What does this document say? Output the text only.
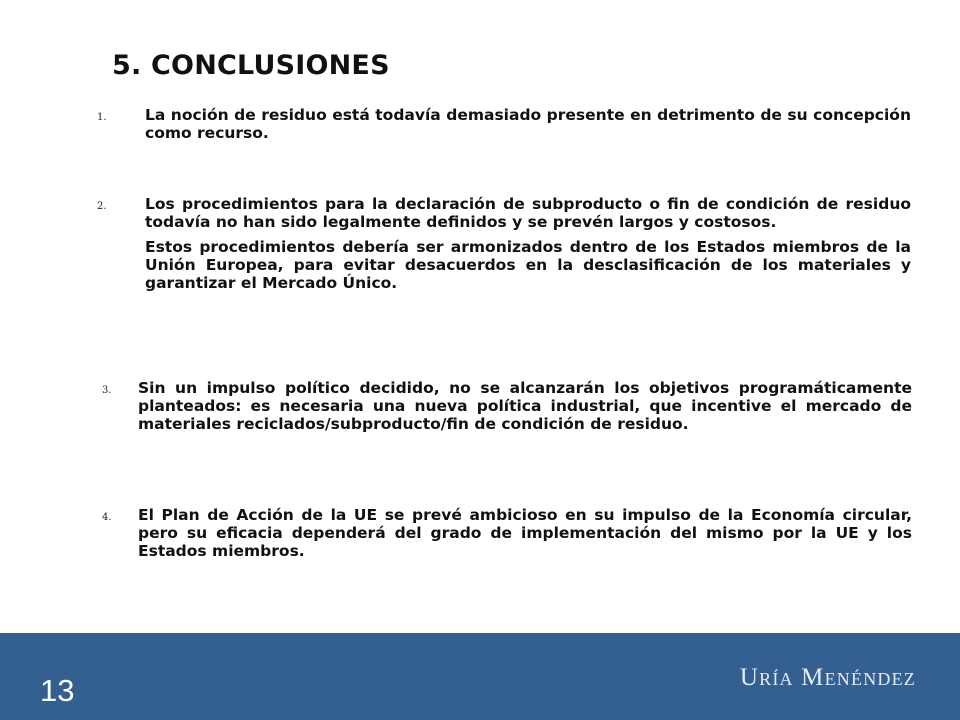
5. CONCLUSIONES
1. La noción de residuo está todavía demasiado presente en detrimento de su concepción como recurso.

2. Los procedimientos para la declaración de subproducto o fin de condición de residuo todavía no han sido legalmente definidos y se prevén largos y costosos.

Estos procedimientos debería ser armonizados dentro de los Estados miembros de la Unión Europea, para evitar desacuerdos en la desclasificación de los materiales y garantizar el Mercado Único.

3. Sin un impulso político decidido, no se alcanzarán los objetivos programáticamente planteados: es necesaria una nueva política industrial, que incentive el mercado de materiales reciclados/subproducto/fin de condición de residuo.

4. El Plan de Acción de la UE se prevé ambicioso en su impulso de la Economía circular, pero su eficacia dependerá del grado de implementación del mismo por la UE y los Estados miembros.

13	Uría Menéndez
